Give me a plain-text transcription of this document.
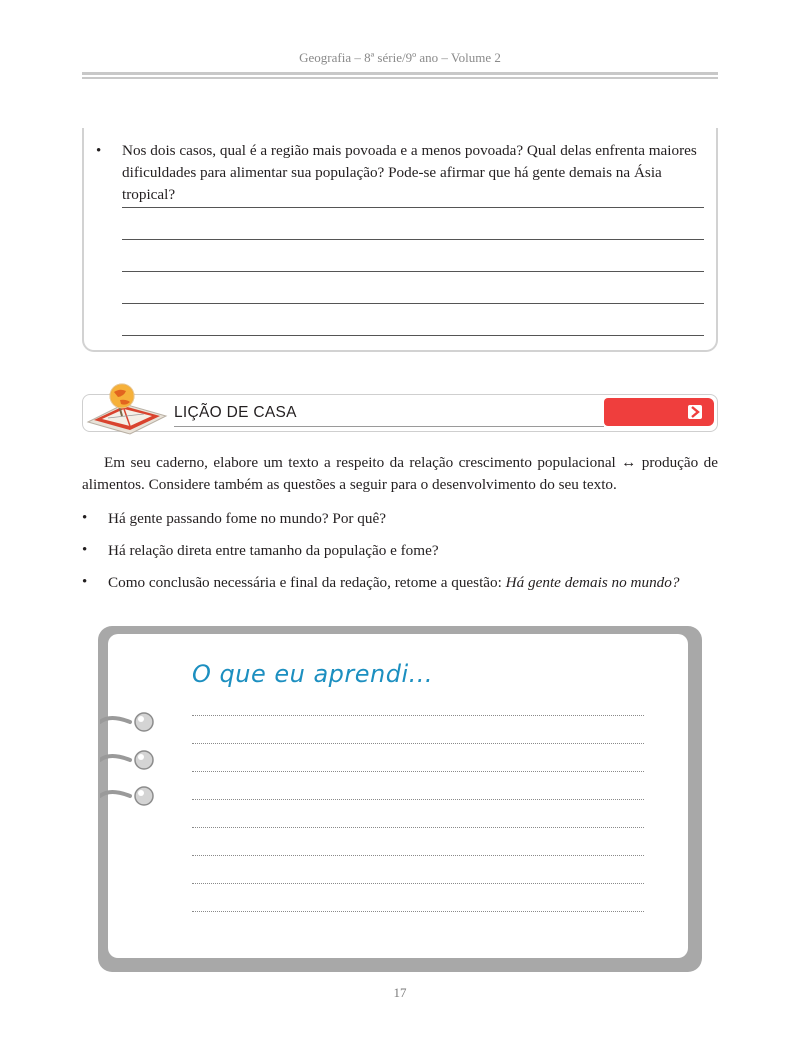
Geografia – 8ª série/9º ano – Volume 2
• Nos dois casos, qual é a região mais povoada e a menos povoada? Qual delas enfrenta maiores
dificuldades para alimentar sua população? Pode-se afirmar que há gente demais na Ásia tropical?
LIÇÃO DE CASA
Em seu caderno, elabore um texto a respeito da relação crescimento populacional ↔ produção de alimentos. Considere também as questões a seguir para o desenvolvimento do seu texto.
• Há gente passando fome no mundo? Por quê?
• Há relação direta entre tamanho da população e fome?
• Como conclusão necessária e final da redação, retome a questão: Há gente demais no mundo?
O que eu aprendi...
17
